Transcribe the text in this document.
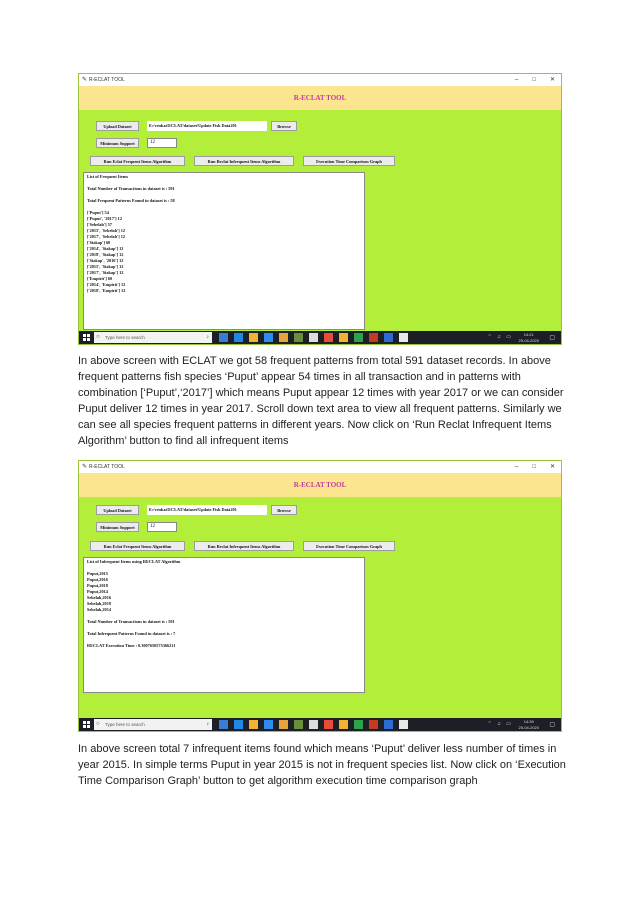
✎ R-ECLAT TOOL	– □ ✕
R-ECLAT TOOL
Upload Dataset	E:/venkat/ECLAT/dataset/Update Fish Data201	Browse
Minimum Support	12
Run Eclat Frequent Items Algorithm	Run Reclat Infrequent Items Algorithm	Execution Time Comparison Graph
List of Frequent Items
Total Number of Transactions in dataset is : 591
Total Frequent Patterns Found in dataset is : 58
['Puput'] 54
['Puput', '2017'] 12
['Sebelah'] 57
['2015', 'Sebelah'] 12
['2017', 'Sebelah'] 12
['Siakap'] 60
['2014', 'Siakap'] 12
['2018', 'Siakap'] 12
['Siakap', '2016'] 12
['2015', 'Siakap'] 12
['2017', 'Siakap'] 12
['Empirit'] 60
['2014', 'Empirit'] 12
['2018', 'Empirit'] 12
○ Type here to search	♪	⌃ ♫ ▭	14:21
25-04-2020 ▢
In above screen with ECLAT we got 58 frequent patterns from total 591 dataset records. In above
frequent patterns fish species ‘Puput’ appear 54 times in all transaction and in patterns with
combination [‘Puput’,‘2017’] which means Puput appear 12 times with year 2017 or we can consider
Puput deliver 12 times in year 2017. Scroll down text area to view all frequent patterns. Similarly we
can see all species frequent patterns in different years. Now click on ‘Run Reclat Infrequent Items
Algorithm’ button to find all infrequent items
✎ R-ECLAT TOOL	– □ ✕
R-ECLAT TOOL
Upload Dataset	E:/venkat/ECLAT/dataset/Update Fish Data201	Browse
Minimum Support	12
Run Eclat Frequent Items Algorithm	Run Reclat Infrequent Items Algorithm	Execution Time Comparison Graph
List of Infrequent Items using RECLAT Algorithm
Puput,2015
Puput,2016
Puput,2018
Puput,2014
Sebelah,2016
Sebelah,2018
Sebelah,2014
Total Number of Transactions in dataset is : 591
Total Infrequent Patterns Found in dataset is : 7
RECLAT Execution Time : 0.3007650575366211
○ Type here to search	♪	⌃ ♫ ▭	14:39
25-04-2020 ▢
In above screen total 7 infrequent items found which means ‘Puput’ deliver less number of times in
year 2015. In simple terms Puput in year 2015 is not in frequent species list. Now click on ‘Execution
Time Comparison Graph’ button to get algorithm execution time comparison graph
